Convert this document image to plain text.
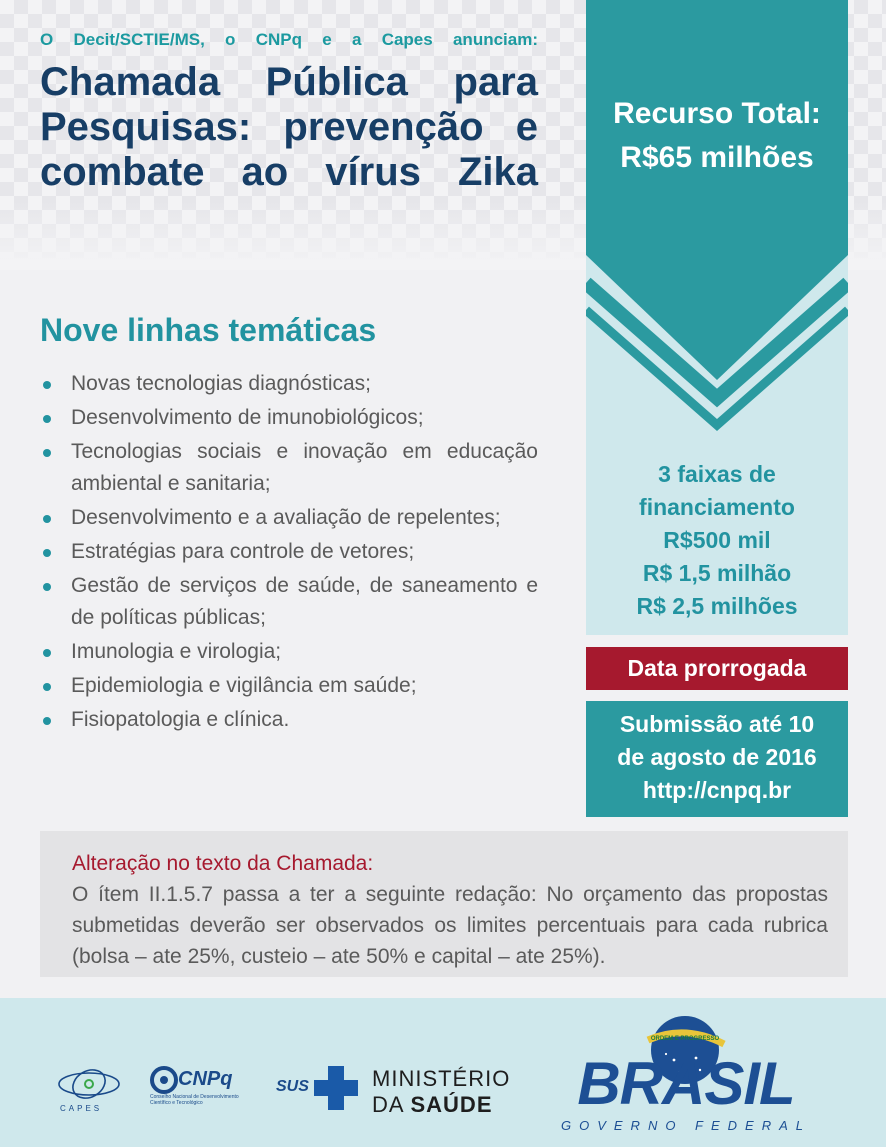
O Decit/SCTIE/MS, o CNPq e a Capes anunciam:
Chamada Pública para
Pesquisas: prevenção e
combate ao vírus Zika
Recurso Total:
R$65 milhões
3 faixas de
financiamento
R$500 mil
R$ 1,5 milhão
R$ 2,5 milhões
Data prorrogada
Submissão até 10
de agosto de 2016
http://cnpq.br
Nove linhas temáticas
Novas tecnologias diagnósticas;
Desenvolvimento de imunobiológicos;
Tecnologias sociais e inovação em educação ambiental e sanitaria;
Desenvolvimento e a avaliação de repelentes;
Estratégias para controle de vetores;
Gestão de serviços de saúde, de saneamento e de políticas públicas;
Imunologia e virologia;
Epidemiologia e vigilância em saúde;
Fisiopatologia e clínica.
Alteração no texto da Chamada:
O ítem II.1.5.7 passa a ter a seguinte redação: No orçamento das propostas submetidas deverão ser observados os limites percentuais para cada rubrica (bolsa – ate 25%, custeio – ate 50% e capital – ate 25%).
CAPES
CNPq
Conselho Nacional de Desenvolvimento Científico e Tecnológico
SUS	MINISTÉRIO
DA SAÚDE
ORDEM E PROGRESSO
BRASIL
GOVERNO FEDERAL
